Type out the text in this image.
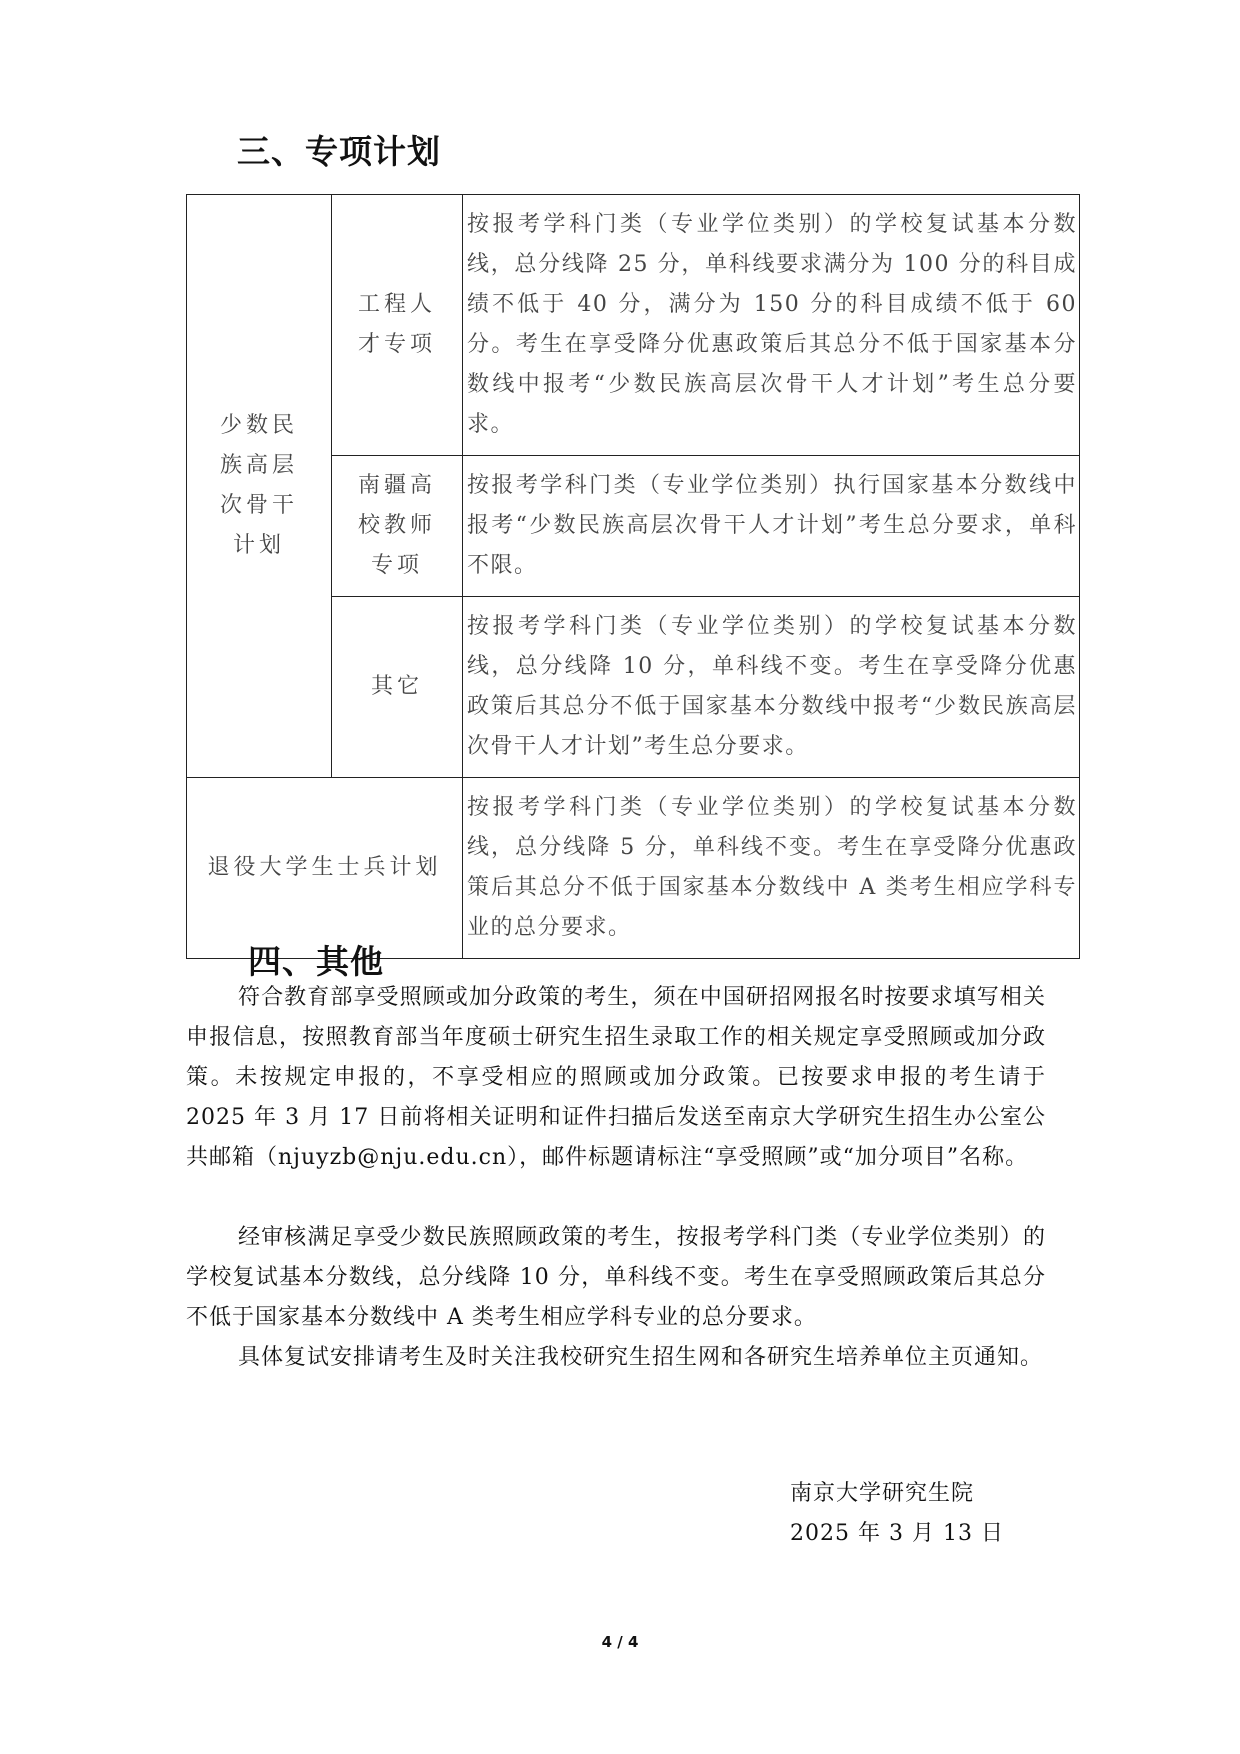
三、专项计划
少数民族高层次骨干计划	工程人才专项	按报考学科门类（专业学位类别）的学校复试基本分数线，总分线降 25 分，单科线要求满分为 100 分的科目成绩不低于 40 分，满分为 150 分的科目成绩不低于 60 分。考生在享受降分优惠政策后其总分不低于国家基本分数线中报考“少数民族高层次骨干人才计划”考生总分要求。

	南疆高校教师专项	按报考学科门类（专业学位类别）执行国家基本分数线中报考“少数民族高层次骨干人才计划”考生总分要求，单科不限。
	其它	按报考学科门类（专业学位类别）的学校复试基本分数线，总分线降 10 分，单科线不变。考生在享受降分优惠政策后其总分不低于国家基本分数线中报考“少数民族高层次骨干人才计划”考生总分要求。
退役大学生士兵计划		按报考学科门类（专业学位类别）的学校复试基本分数线，总分线降 5 分，单科线不变。考生在享受降分优惠政策后其总分不低于国家基本分数线中 A 类考生相应学科专业的总分要求。
四、其他

符合教育部享受照顾或加分政策的考生，须在中国研招网报名时按要求填写相关申报信息，按照教育部当年度硕士研究生招生录取工作的相关规定享受照顾或加分政策。未按规定申报的，不享受相应的照顾或加分政策。已按要求申报的考生请于 2025 年 3 月 17 日前将相关证明和证件扫描后发送至南京大学研究生招生办公室公共邮箱（njuyzb@nju.edu.cn），邮件标题请标注“享受照顾”或“加分项目”名称。

经审核满足享受少数民族照顾政策的考生，按报考学科门类（专业学位类别）的学校复试基本分数线，总分线降 10 分，单科线不变。考生在享受照顾政策后其总分不低于国家基本分数线中 A 类考生相应学科专业的总分要求。

具体复试安排请考生及时关注我校研究生招生网和各研究生培养单位主页通知。

南京大学研究生院
2025 年 3 月 13 日
4 / 4
